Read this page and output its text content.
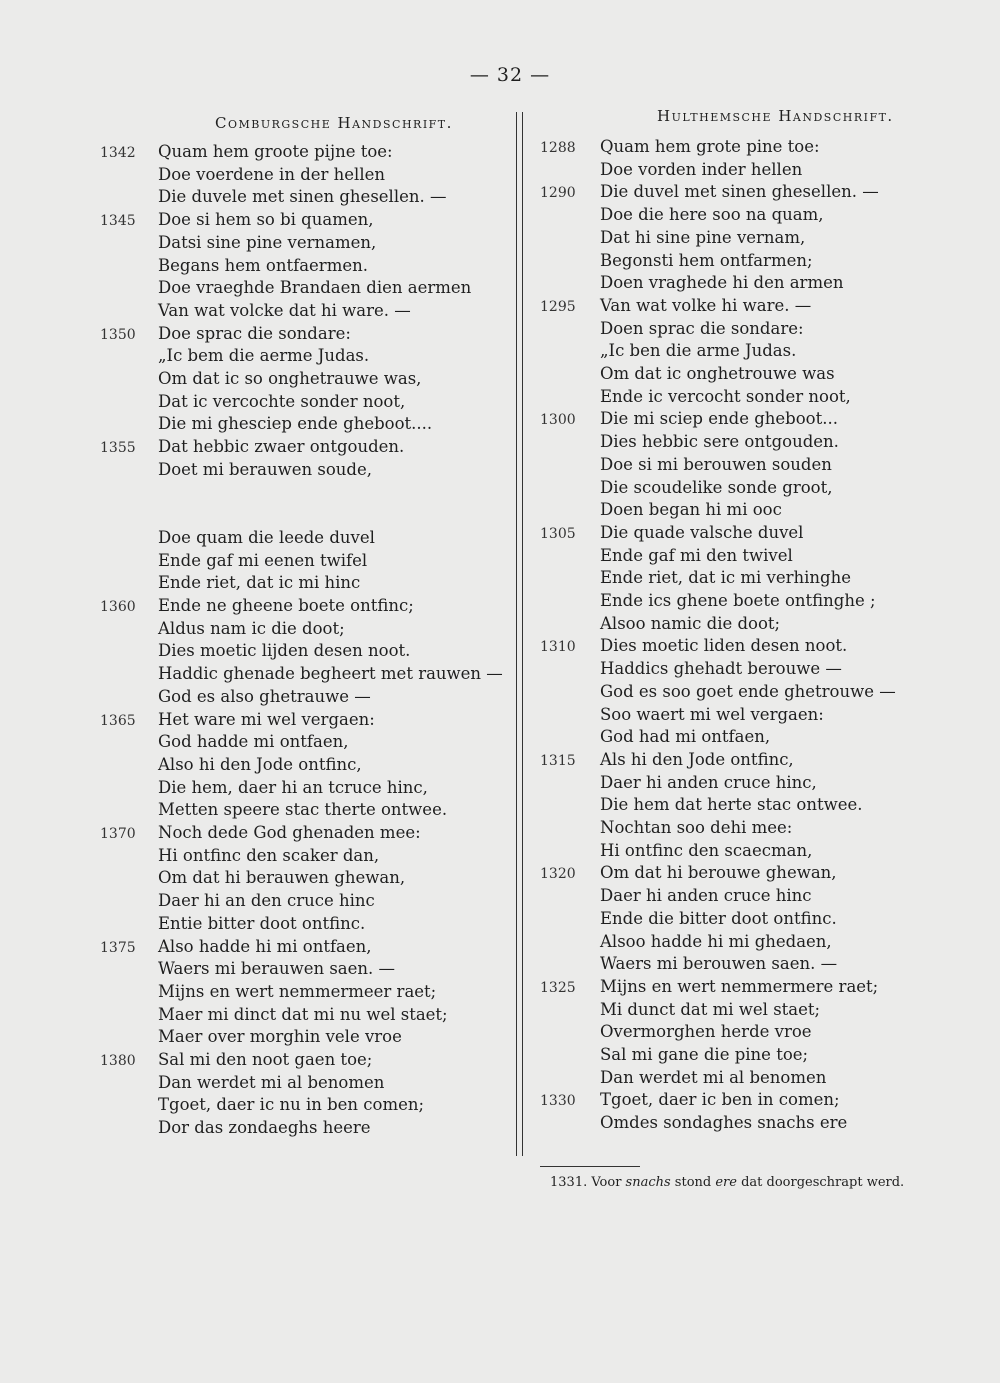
— 32 —
Comburgsche Handschrift.	Hulthemsche Handschrift.
1342 Quam hem groote pijne toe:
Doe voerdene in der hellen
Die duvele met sinen ghesellen. —
1345 Doe si hem so bi quamen,
Datsi sine pine vernamen,
Begans hem ontfaermen.
Doe vraeghde Brandaen dien aermen
Van wat volcke dat hi ware. —
1350 Doe sprac die sondare:
„Ic bem die aerme Judas.
Om dat ic so onghetrauwe was,
Dat ic vercochte sonder noot,
Die mi ghesciep ende gheboot....
1355 Dat hebbic zwaer ontgouden.
Doet mi berauwen soude,
Doe quam die leede duvel
Ende gaf mi eenen twifel
Ende riet, dat ic mi hinc
1360 Ende ne gheene boete ontfinc;
Aldus nam ic die doot;
Dies moetic lijden desen noot.
Haddic ghenade begheert met rauwen —
God es also ghetrauwe —
1365 Het ware mi wel vergaen:
God hadde mi ontfaen,
Also hi den Jode ontfinc,
Die hem, daer hi an tcruce hinc,
Metten speere stac therte ontwee.
1370 Noch dede God ghenaden mee:
Hi ontfinc den scaker dan,
Om dat hi berauwen ghewan,
Daer hi an den cruce hinc
Entie bitter doot ontfinc.
1375 Also hadde hi mi ontfaen,
Waers mi berauwen saen. —
Mijns en wert nemmermeer raet;
Maer mi dinct dat mi nu wel staet;
Maer over morghin vele vroe
1380 Sal mi den noot gaen toe;
Dan werdet mi al benomen
Tgoet, daer ic nu in ben comen;
Dor das zondaeghs heere
1288 Quam hem grote pine toe:
Doe vorden inder hellen
1290 Die duvel met sinen ghesellen. —
Doe die here soo na quam,
Dat hi sine pine vernam,
Begonsti hem ontfarmen;
Doen vraghede hi den armen
1295 Van wat volke hi ware. —
Doen sprac die sondare:
„Ic ben die arme Judas.
Om dat ic onghetrouwe was
Ende ic vercocht sonder noot,
1300 Die mi sciep ende gheboot...
Dies hebbic sere ontgouden.
Doe si mi berouwen souden
Die scoudelike sonde groot,
Doen began hi mi ooc
1305 Die quade valsche duvel
Ende gaf mi den twivel
Ende riet, dat ic mi verhinghe
Ende ics ghene boete ontfinghe ;
Alsoo namic die doot;
1310 Dies moetic liden desen noot.
Haddics ghehadt berouwe —
God es soo goet ende ghetrouwe —
Soo waert mi wel vergaen:
God had mi ontfaen,
1315 Als hi den Jode ontfinc,
Daer hi anden cruce hinc,
Die hem dat herte stac ontwee.
Nochtan soo dehi mee:
Hi ontfinc den scaecman,
1320 Om dat hi berouwe ghewan,
Daer hi anden cruce hinc
Ende die bitter doot ontfinc.
Alsoo hadde hi mi ghedaen,
Waers mi berouwen saen. —
1325 Mijns en wert nemmermere raet;
Mi dunct dat mi wel staet;
Overmorghen herde vroe
Sal mi gane die pine toe;
Dan werdet mi al benomen
1330 Tgoet, daer ic ben in comen;
Omdes sondaghes snachs ere
1331. Voor snachs stond ere dat doorgeschrapt werd.
